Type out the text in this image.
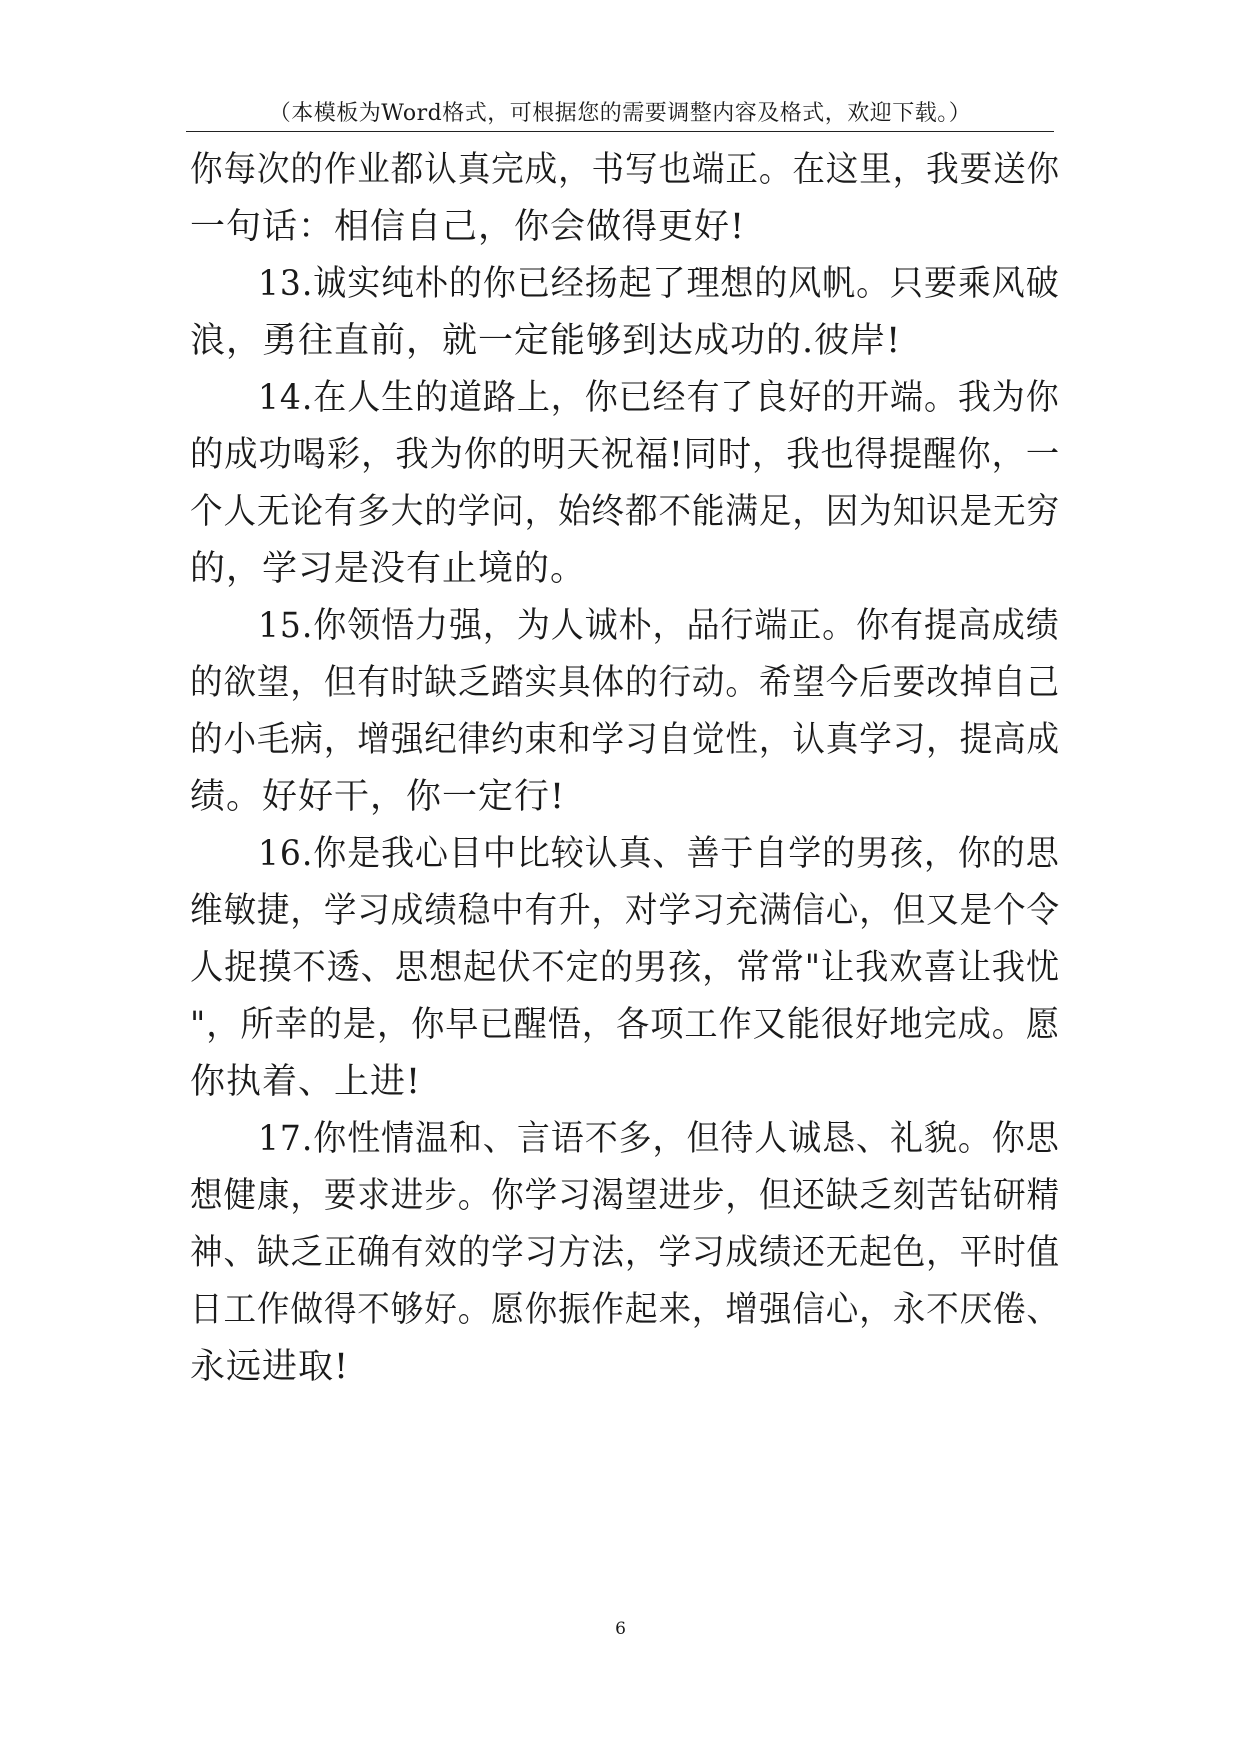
（本模板为Word格式，可根据您的需要调整内容及格式，欢迎下载。）
你每次的作业都认真完成，书写也端正。在这里，我要送你
一句话：相信自己，你会做得更好!
13.诚实纯朴的你已经扬起了理想的风帆。只要乘风破
浪，勇往直前，就一定能够到达成功的.彼岸!
14.在人生的道路上，你已经有了良好的开端。我为你
的成功喝彩，我为你的明天祝福!同时，我也得提醒你，一
个人无论有多大的学问，始终都不能满足，因为知识是无穷
的，学习是没有止境的。
15.你领悟力强，为人诚朴，品行端正。你有提高成绩
的欲望，但有时缺乏踏实具体的行动。希望今后要改掉自己
的小毛病，增强纪律约束和学习自觉性，认真学习，提高成
绩。好好干，你一定行!
16.你是我心目中比较认真、善于自学的男孩，你的思
维敏捷，学习成绩稳中有升，对学习充满信心，但又是个令
人捉摸不透、思想起伏不定的男孩，常常"让我欢喜让我忧
"，所幸的是，你早已醒悟，各项工作又能很好地完成。愿
你执着、上进!
17.你性情温和、言语不多，但待人诚恳、礼貌。你思
想健康，要求进步。你学习渴望进步，但还缺乏刻苦钻研精
神、缺乏正确有效的学习方法，学习成绩还无起色，平时值
日工作做得不够好。愿你振作起来，增强信心，永不厌倦、
永远进取!
6
